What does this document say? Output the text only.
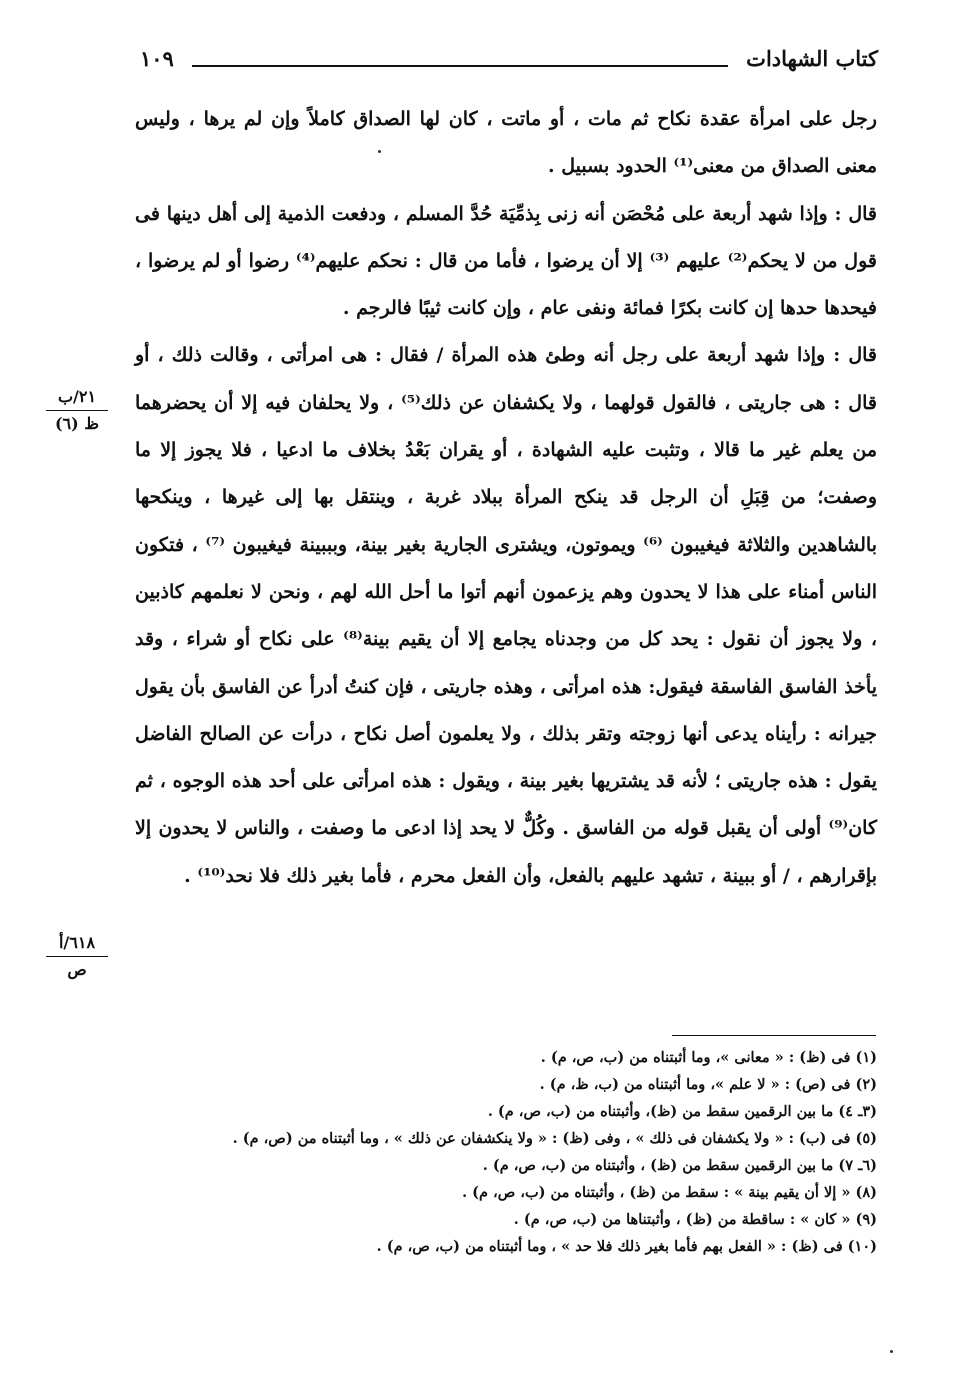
كتاب الشهادات
١٠٩

رجل على امرأة عقدة نكاح ثم مات ، أو ماتت ، كان لها الصداق كاملاً وإن لم يرها ، وليس معنى الصداق من معنى⁽¹⁾ الحدود بسبيل .

قال : وإذا شهد أربعة على مُحْصَن أنه زنى بِذمِّيَة حُدَّ المسلم ، ودفعت الذمية إلى أهل دينها فى قول من لا يحكم⁽²⁾ عليهم ⁽³⁾ إلا أن يرضوا ، فأما من قال : نحكم عليهم⁽⁴⁾ رضوا أو لم يرضوا ، فيحدها حدها إن كانت بكرًا فمائة ونفى عام ، وإن كانت ثيبًا فالرجم .

قال : وإذا شهد أربعة على رجل أنه وطئ هذه المرأة / فقال : هى امرأتى ، وقالت ذلك ، أو قال : هى جاريتى ، فالقول قولهما ، ولا يكشفان عن ذلك⁽⁵⁾ ، ولا يحلفان فيه إلا أن يحضرهما من يعلم غير ما قالا ، وتثبت عليه الشهادة ، أو يقران بَعْدُ بخلاف ما ادعيا ، فلا يجوز إلا ما وصفت؛ من قِبَلِ أن الرجل قد ينكح المرأة ببلاد غربة ، وينتقل بها إلى غيرها ، وينكحها بالشاهدين والثلاثة فيغيبون ⁽⁶⁾ ويموتون، ويشترى الجارية بغير بينة، وبببينة فيغيبون ⁽⁷⁾ ، فتكون الناس أمناء على هذا لا يحدون وهم يزعمون أنهم أتوا ما أحل الله لهم ، ونحن لا نعلمهم كاذبين ، ولا يجوز أن نقول : يحد كل من وجدناه يجامع إلا أن يقيم بينة⁽⁸⁾ على نكاح أو شراء ، وقد يأخذ الفاسق الفاسقة فيقول: هذه امرأتى ، وهذه جاريتى ، فإن كنتُ أدرأ عن الفاسق بأن يقول جيرانه : رأيناه يدعى أنها زوجته وتقر بذلك ، ولا يعلمون أصل نكاح ، درأت عن الصالح الفاضل يقول : هذه جاريتى ؛ لأنه قد يشتريها بغير بينة ، ويقول : هذه امرأتى على أحد هذه الوجوه ، ثم كان⁽⁹⁾ أولى أن يقبل قوله من الفاسق . وكُلٌّ لا يحد إذا ادعى ما وصفت ، والناس لا يحدون إلا بإقرارهم ، / أو ببينة ، تشهد عليهم بالفعل، وأن الفعل محرم ، فأما بغير ذلك فلا نحد⁽¹⁰⁾ .

٢١/ب
ظ (٦)
٦١٨/أ
ص
(١) فى (ظ) : « معانى »، وما أثبتناه من (ب، ص، م) .
(٢) فى (ص) : « لا علم »، وما أثبتناه من (ب، ظ، م) .
(٣ـ ٤) ما بين الرقمين سقط من (ظ)، وأثبتناه من (ب، ص، م) .
(٥) فى (ب) : « ولا يكشفان فى ذلك » ، وفى (ظ) : « ولا ينكشفان عن ذلك » ، وما أثبتناه من (ص، م) .
(٦ـ ٧) ما بين الرقمين سقط من (ظ) ، وأثبتناه من (ب، ص، م) .
(٨) « إلا أن يقيم بينة » : سقط من (ظ) ، وأثبتناه من (ب، ص، م) .
(٩) « كان » : ساقطة من (ظ) ، وأثبتناها من (ب، ص، م) .
(١٠) فى (ظ) : « الفعل بهم فأما بغير ذلك فلا حد » ، وما أثبتناه من (ب، ص، م) .
